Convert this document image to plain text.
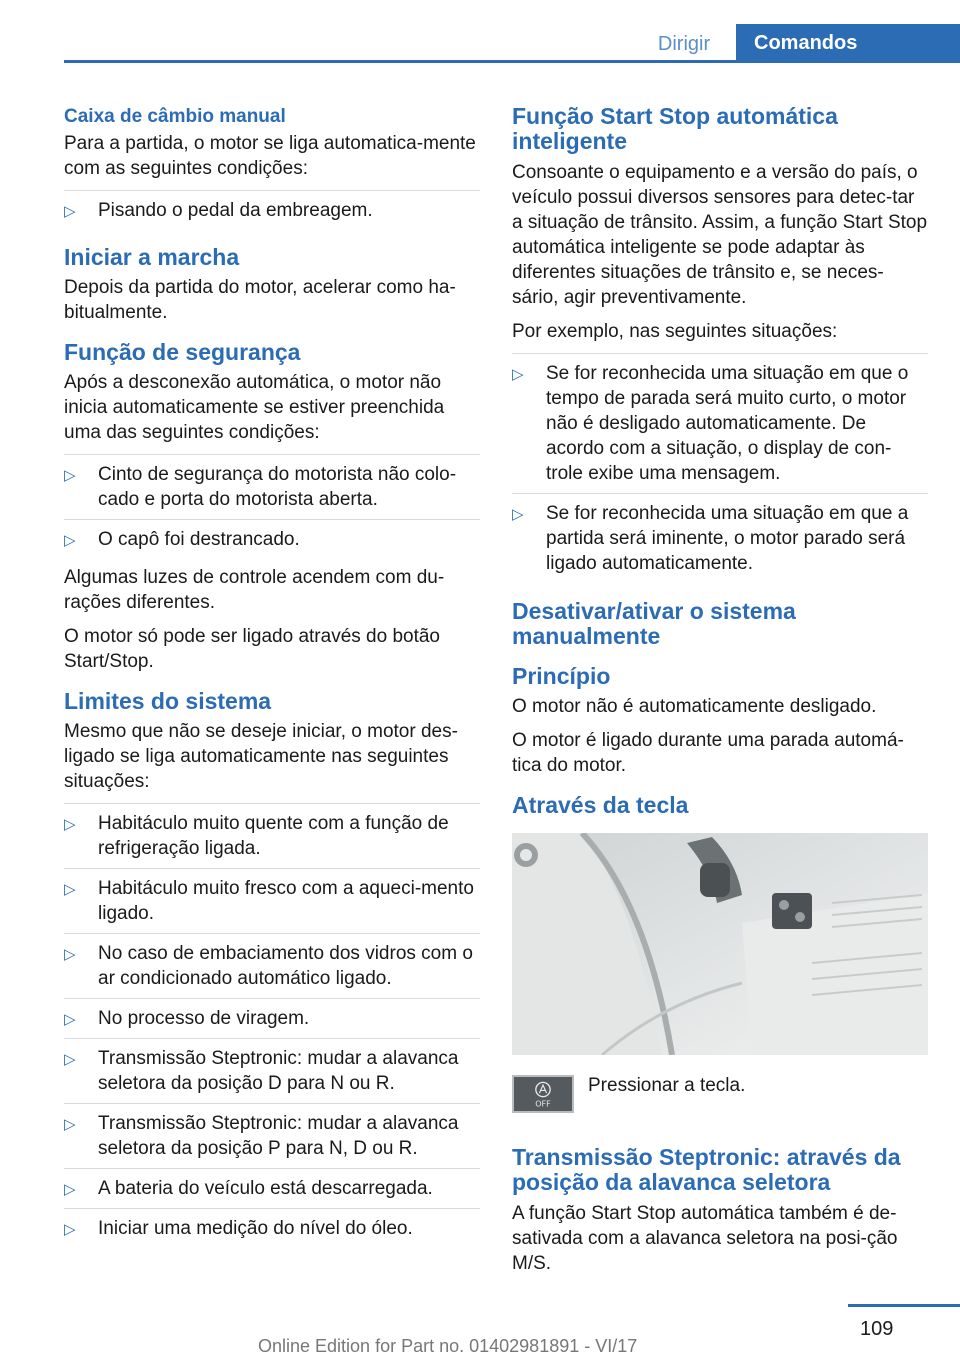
Dirigir	Comandos
Caixa de câmbio manual

Para a partida, o motor se liga automatica-mente com as seguintes condições:

▷ Pisando o pedal da embreagem.
Iniciar a marcha

Depois da partida do motor, acelerar como ha-bitualmente.

Função de segurança

Após a desconexão automática, o motor não inicia automaticamente se estiver preenchida uma das seguintes condições:

▷ Cinto de segurança do motorista não colo-cado e porta do motorista aberta.
▷ O capô foi destrancado.

Algumas luzes de controle acendem com du-rações diferentes.

O motor só pode ser ligado através do botão Start/Stop.

Limites do sistema

Mesmo que não se deseje iniciar, o motor des-ligado se liga automaticamente nas seguintes situações:

▷ Habitáculo muito quente com a função de refrigeração ligada.
▷ Habitáculo muito fresco com a aqueci-mento ligado.
▷ No caso de embaciamento dos vidros com o ar condicionado automático ligado.
▷ No processo de viragem.
▷ Transmissão Steptronic: mudar a alavanca seletora da posição D para N ou R.
▷ Transmissão Steptronic: mudar a alavanca seletora da posição P para N, D ou R.
▷ A bateria do veículo está descarregada.
▷ Iniciar uma medição do nível do óleo.
Função Start Stop automática inteligente

Consoante o equipamento e a versão do país, o veículo possui diversos sensores para detec-tar a situação de trânsito. Assim, a função Start Stop automática inteligente se pode adaptar às diferentes situações de trânsito e, se neces-sário, agir preventivamente.

Por exemplo, nas seguintes situações:

▷ Se for reconhecida uma situação em que o tempo de parada será muito curto, o motor não é desligado automaticamente. De acordo com a situação, o display de con-trole exibe uma mensagem.
▷ Se for reconhecida uma situação em que a partida será iminente, o motor parado será ligado automaticamente.
Desativar/ativar o sistema manualmente
Princípio

O motor não é automaticamente desligado.

O motor é ligado durante uma parada automá-tica do motor.

Através da tecla
OFF
Pressionar a tecla.
Transmissão Steptronic: através da posição da alavanca seletora

A função Start Stop automática também é de-sativada com a alavanca seletora na posi-ção M/S.

109
Online Edition for Part no. 01402981891 - VI/17
